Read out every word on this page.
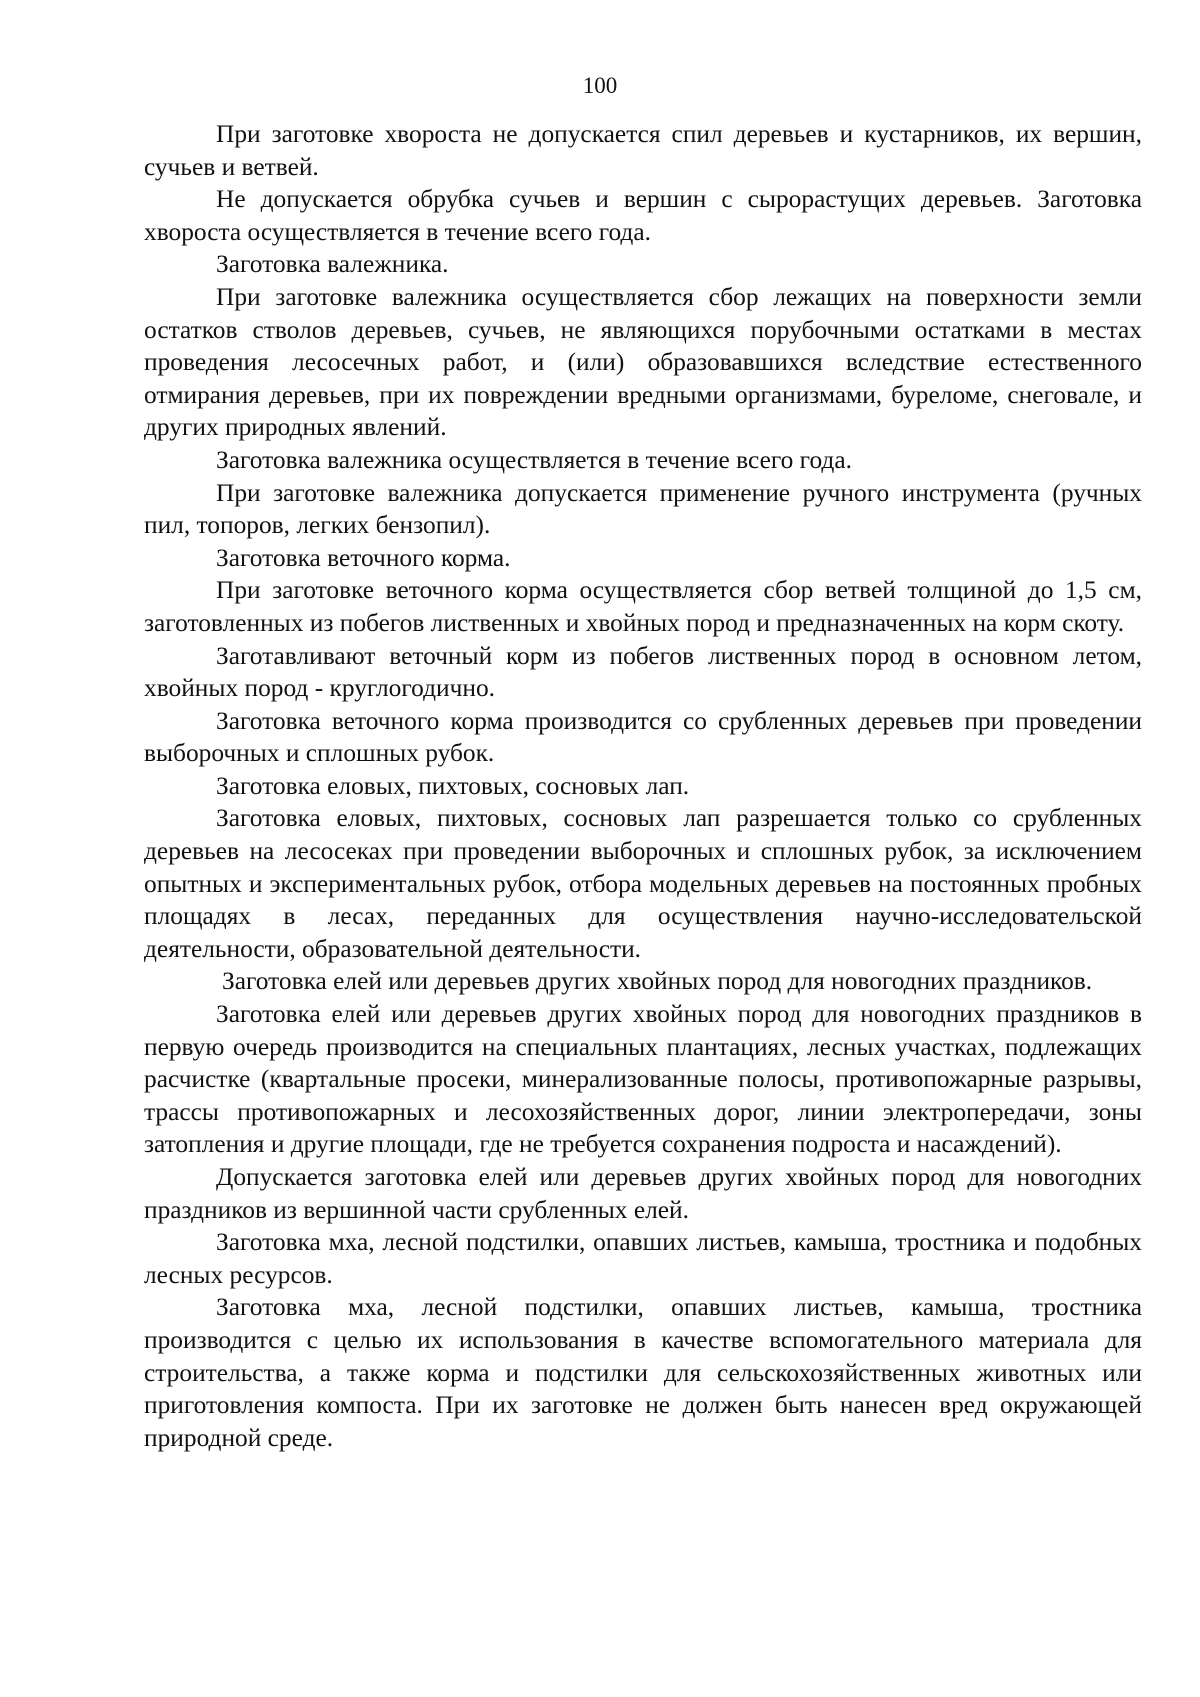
100

При заготовке хвороста не допускается спил деревьев и кустарников, их вершин, сучьев и ветвей.

Не допускается обрубка сучьев и вершин с сырорастущих деревьев. Заготовка хвороста осуществляется в течение всего года.

Заготовка валежника.

При заготовке валежника осуществляется сбор лежащих на поверхности земли остатков стволов деревьев, сучьев, не являющихся порубочными остатками в местах проведения лесосечных работ, и (или) образовавшихся вследствие естественного отмирания деревьев, при их повреждении вредными организмами, буреломе, снеговале, и других природных явлений.

Заготовка валежника осуществляется в течение всего года.

При заготовке валежника допускается применение ручного инструмента (ручных пил, топоров, легких бензопил).

Заготовка веточного корма.

При заготовке веточного корма осуществляется сбор ветвей толщиной до 1,5 см, заготовленных из побегов лиственных и хвойных пород и предназначенных на корм скоту.

Заготавливают веточный корм из побегов лиственных пород в основном летом, хвойных пород - круглогодично.

Заготовка веточного корма производится со срубленных деревьев при проведении выборочных и сплошных рубок.

Заготовка еловых, пихтовых, сосновых лап.

Заготовка еловых, пихтовых, сосновых лап разрешается только со срубленных деревьев на лесосеках при проведении выборочных и сплошных рубок, за исключением опытных и экспериментальных рубок, отбора модельных деревьев на постоянных пробных площадях в лесах, переданных для осуществления научно-исследовательской деятельности, образовательной деятельности.

Заготовка елей или деревьев других хвойных пород для новогодних праздников.

Заготовка елей или деревьев других хвойных пород для новогодних праздников в первую очередь производится на специальных плантациях, лесных участках, подлежащих расчистке (квартальные просеки, минерализованные полосы, противопожарные разрывы, трассы противопожарных и лесохозяйственных дорог, линии электропередачи, зоны затопления и другие площади, где не требуется сохранения подроста и насаждений).

Допускается заготовка елей или деревьев других хвойных пород для новогодних праздников из вершинной части срубленных елей.

Заготовка мха, лесной подстилки, опавших листьев, камыша, тростника и подобных лесных ресурсов.

Заготовка мха, лесной подстилки, опавших листьев, камыша, тростника производится с целью их использования в качестве вспомогательного материала для строительства, а также корма и подстилки для сельскохозяйственных животных или приготовления компоста. При их заготовке не должен быть нанесен вред окружающей природной среде.
